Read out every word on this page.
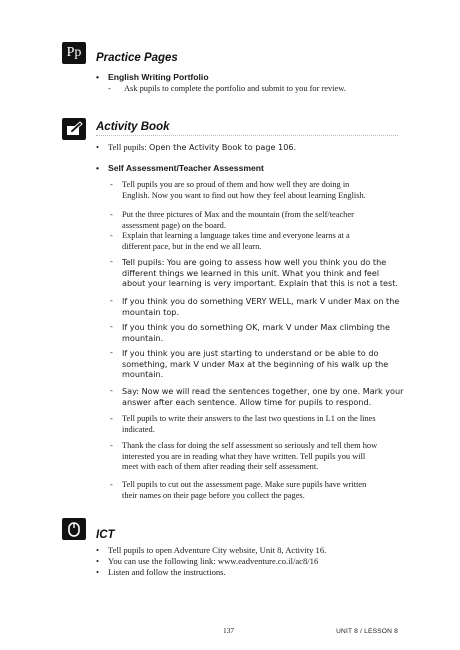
Pp	Practice Pages
• English Writing Portfolio
- Ask pupils to complete the portfolio and submit to you for review.
Activity Book
• Tell pupils: Open the Activity Book to page 106.
• Self Assessment/Teacher Assessment
- Tell pupils you are so proud of them and how well they are doing in
English. Now you want to find out how they feel about learning English.
- Put the three pictures of Max and the mountain (from the self/teacher
assessment page) on the board.
- Explain that learning a language takes time and everyone learns at a
different pace, but in the end we all learn.
- Tell pupils: You are going to assess how well you think you do the
different things we learned in this unit. What you think and feel
about your learning is very important. Explain that this is not a test.
- If you think you do something VERY WELL, mark V under Max on the
mountain top.
- If you think you do something OK, mark V under Max climbing the
mountain.
- If you think you are just starting to understand or be able to do
something, mark V under Max at the beginning of his walk up the
mountain.
- Say: Now we will read the sentences together, one by one. Mark your
answer after each sentence. Allow time for pupils to respond.
- Tell pupils to write their answers to the last two questions in L1 on the lines
indicated.
- Thank the class for doing the self assessment so seriously and tell them how
interested you are in reading what they have written. Tell pupils you will
meet with each of them after reading their self assessment.
- Tell pupils to cut out the assessment page. Make sure pupils have written
their names on their page before you collect the pages.
ICT
• Tell pupils to open Adventure City website, Unit 8, Activity 16.
• You can use the following link: www.eadventure.co.il/ac8/16
• Listen and follow the instructions.
137	UNIT 8 / LESSON 8
